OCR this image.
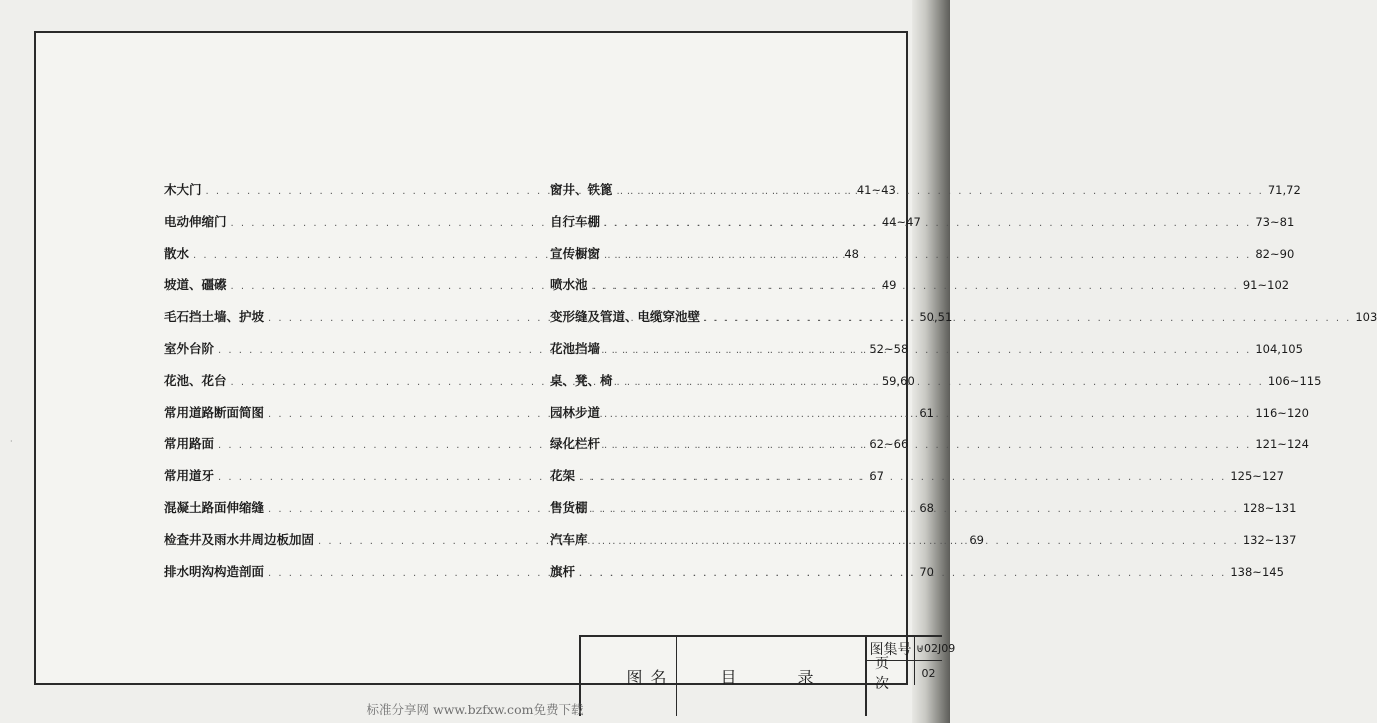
·
木大门 . . .	41~43
电动伸缩门 . . .	44~47
散水 . . .	48
坡道、礓礤 . . .	49
毛石挡土墙、护坡 . . .	50,51
室外台阶 . . .	52~58
花池、花台 . . .	59,60
常用道路断面简图 . . .	61
常用路面 . . .	62~66
常用道牙 . . .	67
混凝土路面伸缩缝 . . .	68
检查井及雨水井周边板加固 . . .	69
排水明沟构造剖面 . . .	70
窗井、铁篦 . . .	71,72
自行车棚 . . .	73~81
宣传橱窗 . . .	82~90
喷水池 . . .	91~102
变形缝及管道、电缆穿池壁 . . .	103
花池挡墙 . . .	104,105
桌、凳、椅 . . .	106~115
园林步道 . . .	116~120
绿化栏杆 . . .	121~124
花架 . . .	125~127
售货棚 . . .	128~131
汽车库 . . .	132~137
旗杆 . . .	138~145
图名	目 录
图集号 ⊎02J09
页 次
02
标准分享网 www.bzfxw.com免费下载
